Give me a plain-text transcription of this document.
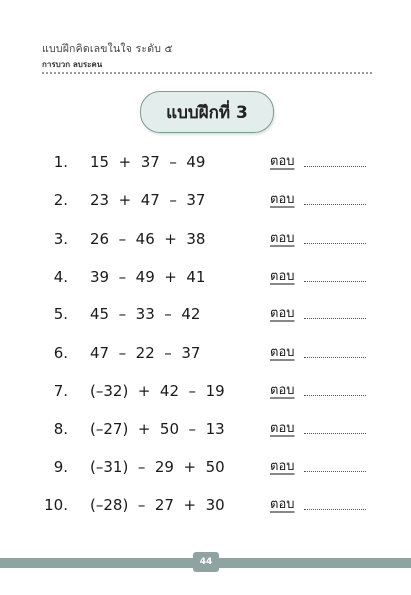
แบบฝึกคิดเลขในใจ ระดับ ๕
การบวก ลบระคน
แบบฝึกที่ 3
1. 15  +  37  –  49	ตอบ
2. 23  +  47  –  37	ตอบ
3. 26  –  46  +  38	ตอบ
4. 39  –  49  +  41	ตอบ
5. 45  –  33  –  42	ตอบ
6. 47  –  22  –  37	ตอบ
7. (–32)  +  42  –  19	ตอบ
8. (–27)  +  50  –  13	ตอบ
9. (–31)  –  29  +  50	ตอบ
10. (–28)  –  27  +  30	ตอบ
44
